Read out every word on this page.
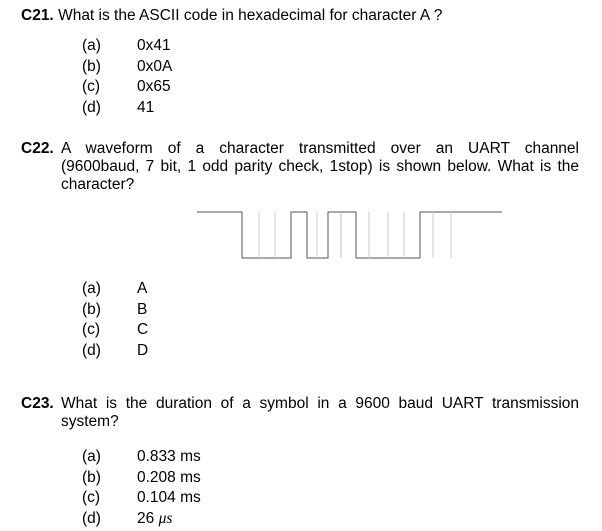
C21. What is the ASCII code in hexadecimal for character A ?
(a) 0x41
(b) 0x0A
(c) 0x65
(d) 41
C22. A waveform of a character transmitted over an UART channel
(9600baud, 7 bit, 1 odd parity check, 1stop) is shown below. What is the character?
(a) A
(b) B
(c) C
(d) D
C23. What is the duration of a symbol in a 9600 baud UART transmission
system?
(a) 0.833 ms
(b) 0.208 ms
(c) 0.104 ms
(d) 26 μs
